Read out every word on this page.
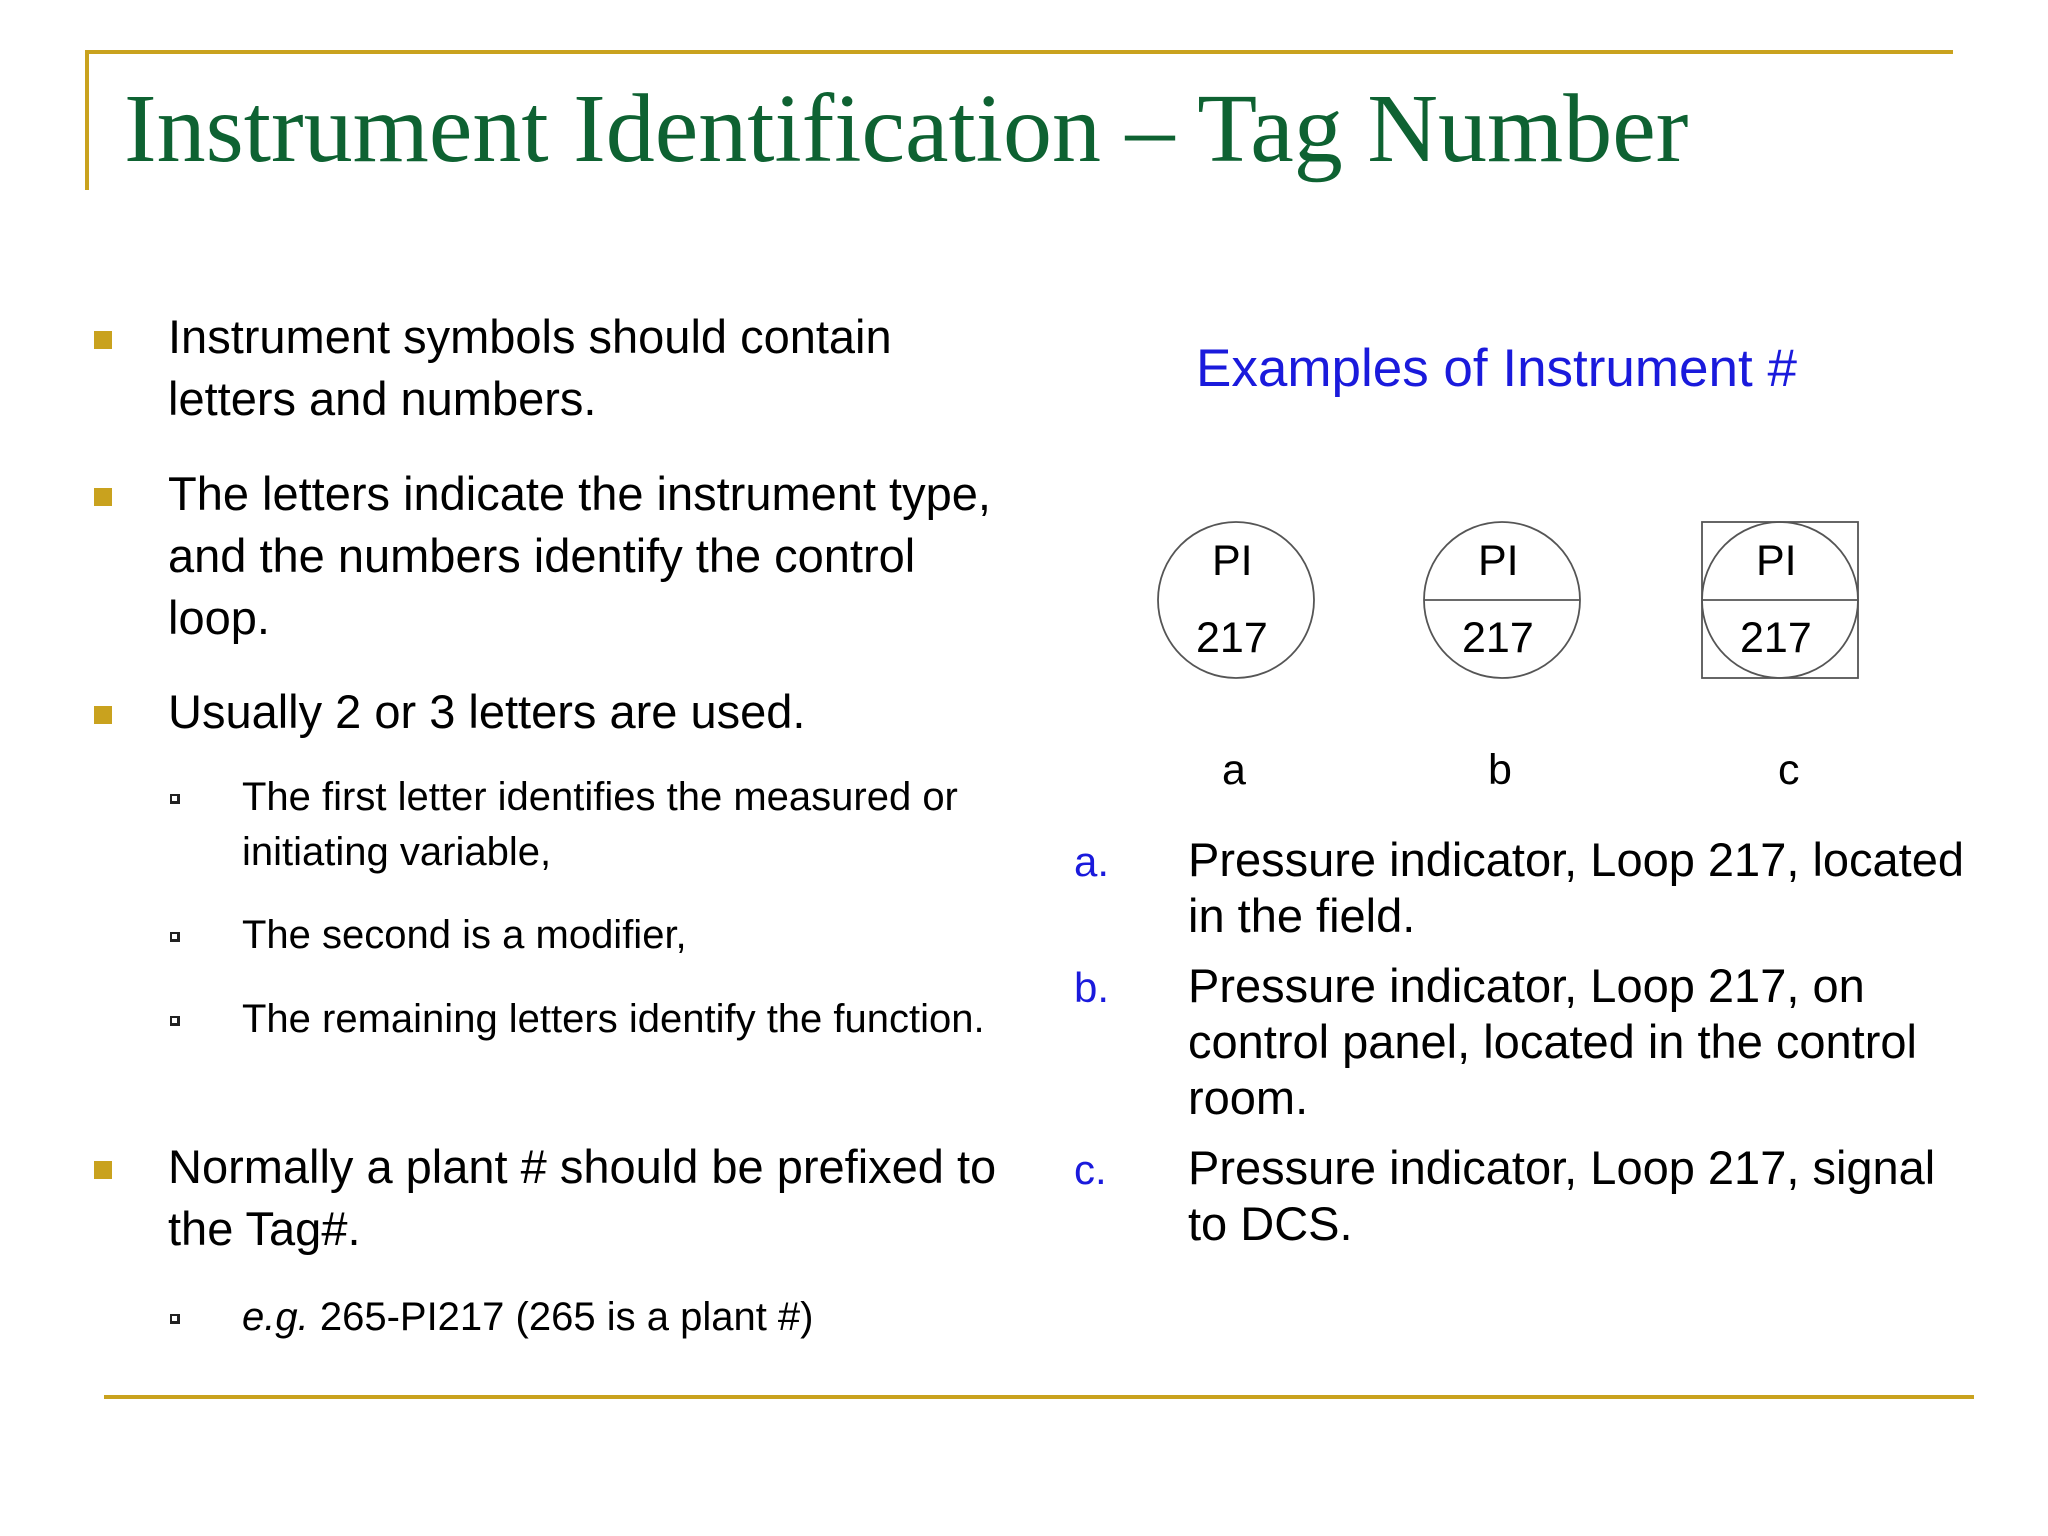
Instrument Identification – Tag Number
Instrument symbols should contain letters and numbers.
The letters indicate the instrument type, and the numbers identify the control loop.
Usually 2 or 3 letters are used.
The first letter identifies the measured or initiating variable,
The second is a modifier,
The remaining letters identify the function.
Normally a plant # should be prefixed to the Tag#.
e.g. 265-PI217 (265 is a plant #)
Examples of Instrument #
PI
217
PI
217
PI
217
a	b	c
a. Pressure indicator, Loop 217, located in the field.
b. Pressure indicator, Loop 217, on control panel, located in the control room.
c. Pressure indicator, Loop 217, signal to DCS.
